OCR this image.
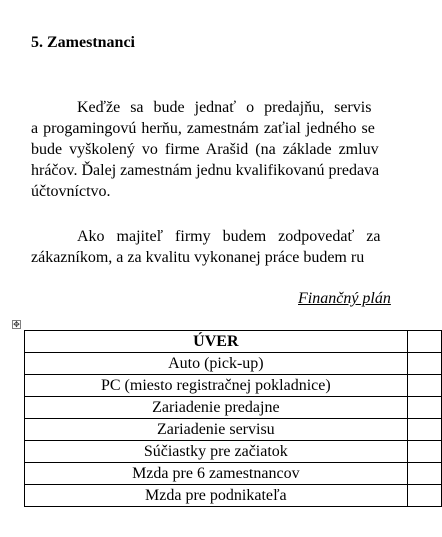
5. Zamestnanci
Keďže sa bude jednať o predajňu, servis
a progamingovú herňu, zamestnám zaťial jedného se
bude vyškolený vo firme Arašid (na základe zmluv
hráčov. Ďalej zamestnám jednu kvalifikovanú predava
účtovníctvo.
Ako majiteľ firmy budem zodpovedať za
zákazníkom, a za kvalitu vykonanej práce budem ru
Finančný plán
✥
ÚVER	
Auto (pick-up)	
PC (miesto registračnej pokladnice)	
Zariadenie predajne	
Zariadenie servisu	
Súčiastky pre začiatok	
Mzda pre 6 zamestnancov	
Mzda pre podnikateľa	
